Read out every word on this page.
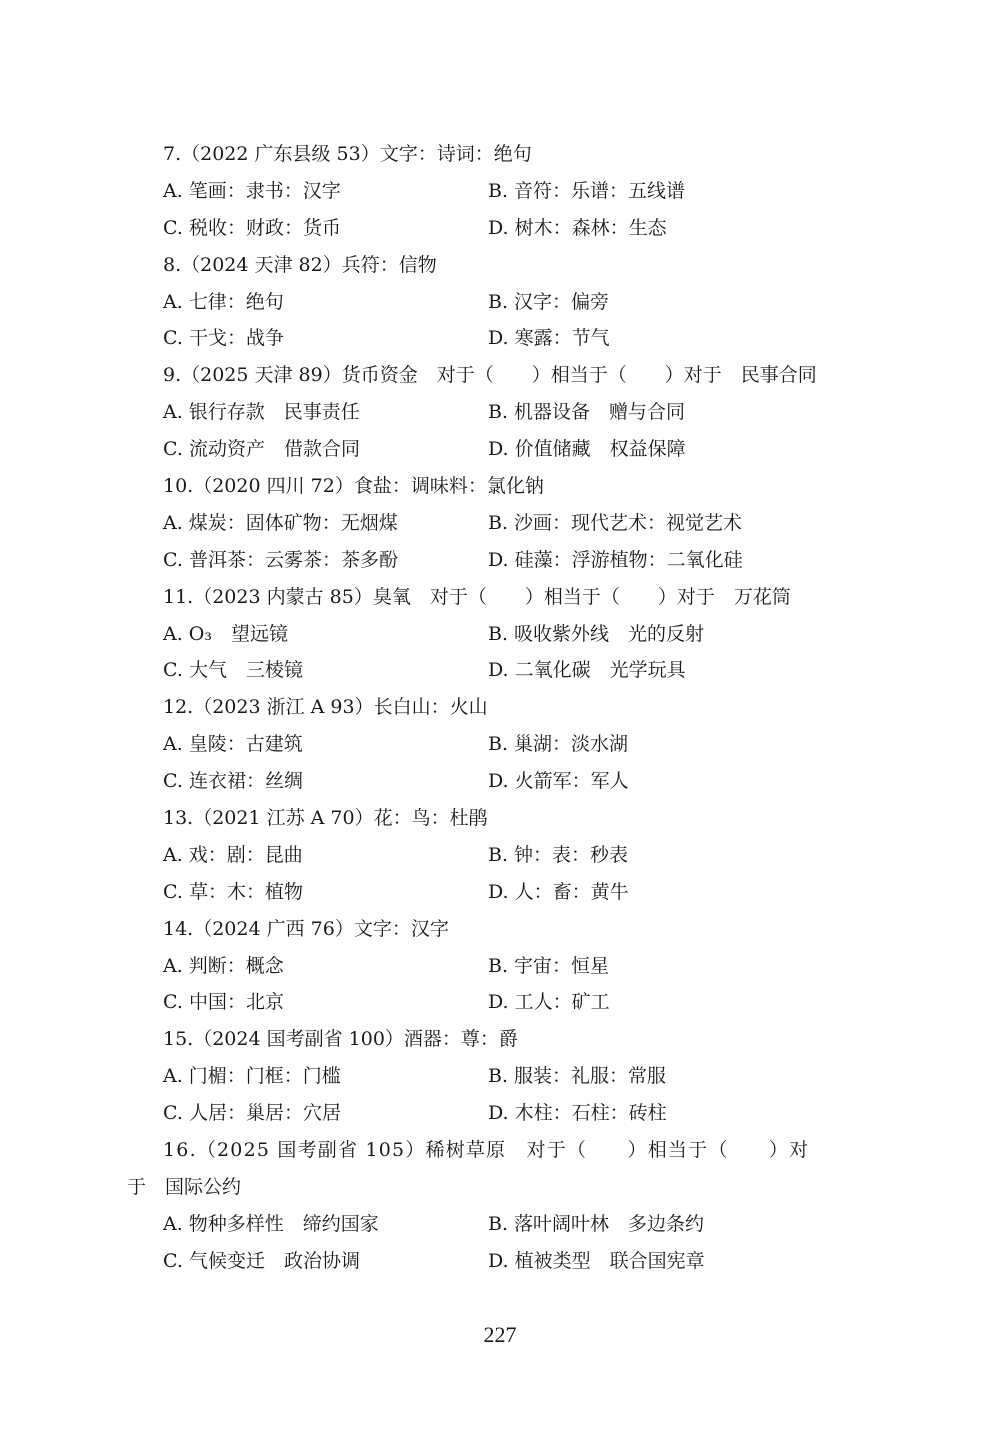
7.（2022 广东县级 53）文字：诗词：绝句
A. 笔画：隶书：汉字	B. 音符：乐谱：五线谱
C. 税收：财政：货币	D. 树木：森林：生态
8.（2024 天津 82）兵符：信物
A. 七律：绝句	B. 汉字：偏旁
C. 干戈：战争	D. 寒露：节气
9.（2025 天津 89）货币资金　对于（　　）相当于（　　）对于　民事合同
A. 银行存款　民事责任	B. 机器设备　赠与合同
C. 流动资产　借款合同	D. 价值储藏　权益保障
10.（2020 四川 72）食盐：调味料：氯化钠
A. 煤炭：固体矿物：无烟煤	B. 沙画：现代艺术：视觉艺术
C. 普洱茶：云雾茶：茶多酚	D. 硅藻：浮游植物：二氧化硅
11.（2023 内蒙古 85）臭氧　对于（　　）相当于（　　）对于　万花筒
A. O₃　望远镜	B. 吸收紫外线　光的反射
C. 大气　三棱镜	D. 二氧化碳　光学玩具
12.（2023 浙江 A 93）长白山：火山
A. 皇陵：古建筑	B. 巢湖：淡水湖
C. 连衣裙：丝绸	D. 火箭军：军人
13.（2021 江苏 A 70）花：鸟：杜鹃
A. 戏：剧：昆曲	B. 钟：表：秒表
C. 草：木：植物	D. 人：畜：黄牛
14.（2024 广西 76）文字：汉字
A. 判断：概念	B. 宇宙：恒星
C. 中国：北京	D. 工人：矿工
15.（2024 国考副省 100）酒器：尊：爵
A. 门楣：门框：门槛	B. 服装：礼服：常服
C. 人居：巢居：穴居	D. 木柱：石柱：砖柱
16.（2025 国考副省 105）稀树草原　对于（　　）相当于（　　）对
于　国际公约
A. 物种多样性　缔约国家	B. 落叶阔叶林　多边条约
C. 气候变迁　政治协调	D. 植被类型　联合国宪章
227
